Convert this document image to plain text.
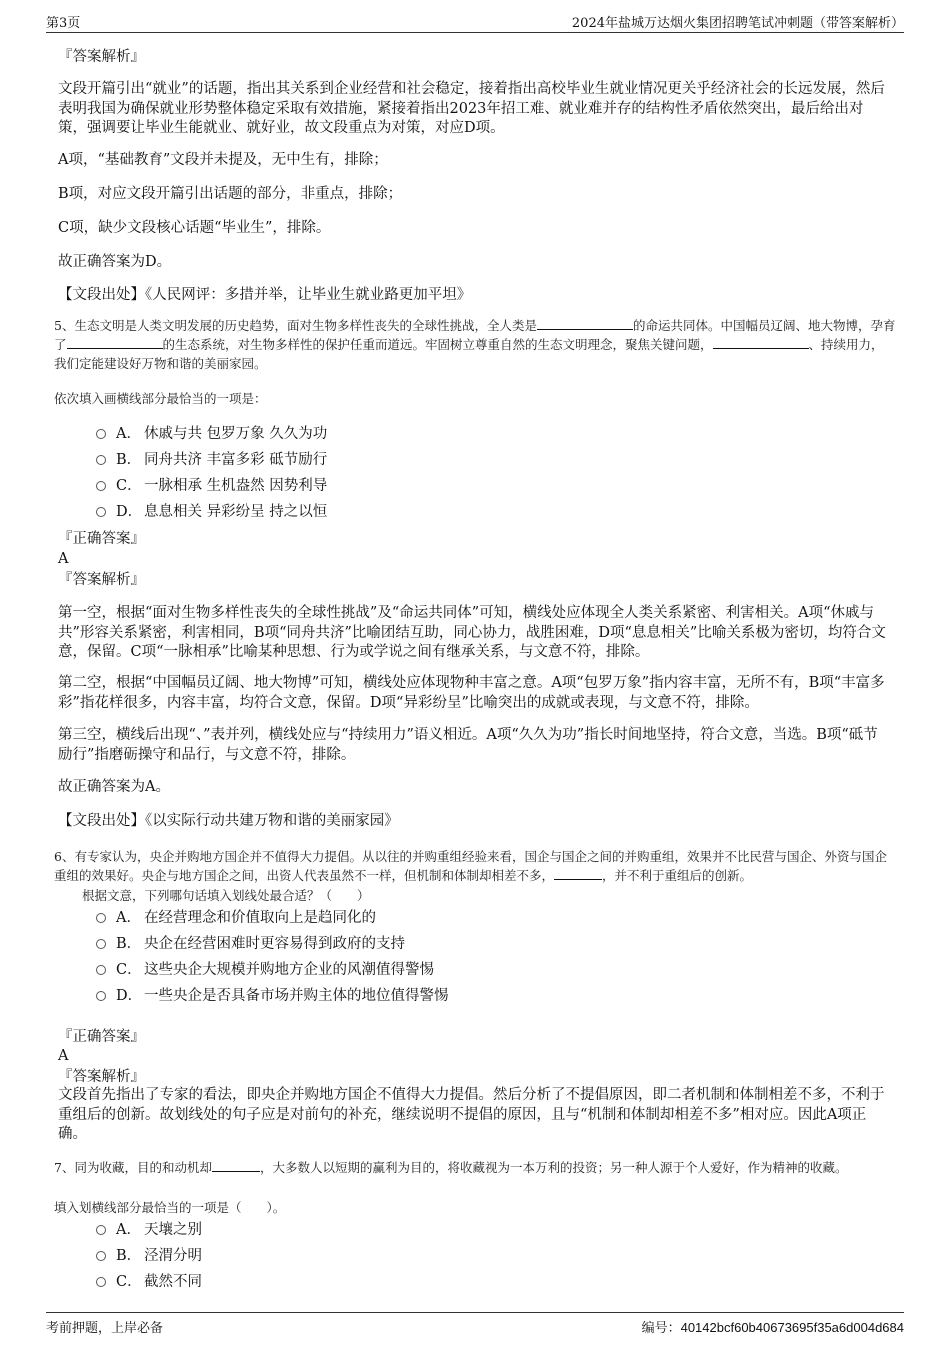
第3页	2024年盐城万达烟火集团招聘笔试冲刺题（带答案解析）
『答案解析』
文段开篇引出“就业”的话题，指出其关系到企业经营和社会稳定，接着指出高校毕业生就业情况更关乎经济社会的长远发展，然后表明我国为确保就业形势整体稳定采取有效措施，紧接着指出2023年招工难、就业难并存的结构性矛盾依然突出，最后给出对策，强调要让毕业生能就业、就好业，故文段重点为对策，对应D项。
A项，“基础教育”文段并未提及，无中生有，排除；
B项，对应文段开篇引出话题的部分，非重点，排除；
C项，缺少文段核心话题“毕业生”，排除。
故正确答案为D。
【文段出处】《人民网评：多措并举，让毕业生就业路更加平坦》
5、生态文明是人类文明发展的历史趋势，面对生物多样性丧失的全球性挑战，全人类是	的命运共同体。中国幅员辽阔、地大物博，孕育了	的生态系统，对生物多样性的保护任重而道远。牢固树立尊重自然的生态文明理念，聚焦关键问题，	、持续用力，我们定能建设好万物和谐的美丽家园。
依次填入画横线部分最恰当的一项是：
A． 休戚与共 包罗万象 久久为功
B． 同舟共济 丰富多彩 砥节励行
C． 一脉相承 生机盎然 因势利导
D． 息息相关 异彩纷呈 持之以恒
『正确答案』
A
『答案解析』
第一空，根据“面对生物多样性丧失的全球性挑战”及“命运共同体”可知，横线处应体现全人类关系紧密、利害相关。A项“休戚与共”形容关系紧密，利害相同，B项“同舟共济”比喻团结互助，同心协力，战胜困难，D项“息息相关”比喻关系极为密切，均符合文意，保留。C项“一脉相承”比喻某种思想、行为或学说之间有继承关系，与文意不符，排除。
第二空，根据“中国幅员辽阔、地大物博”可知，横线处应体现物种丰富之意。A项“包罗万象”指内容丰富，无所不有，B项“丰富多彩”指花样很多，内容丰富，均符合文意，保留。D项“异彩纷呈”比喻突出的成就或表现，与文意不符，排除。
第三空，横线后出现“、”表并列，横线处应与“持续用力”语义相近。A项“久久为功”指长时间地坚持，符合文意，当选。B项“砥节励行”指磨砺操守和品行，与文意不符，排除。
故正确答案为A。
【文段出处】《以实际行动共建万物和谐的美丽家园》
6、有专家认为，央企并购地方国企并不值得大力提倡。从以往的并购重组经验来看，国企与国企之间的并购重组，效果并不比民营与国企、外资与国企重组的效果好。央企与地方国企之间，出资人代表虽然不一样，但机制和体制却相差不多，	，并不利于重组后的创新。
根据文意，下列哪句话填入划线处最合适？（　　）
A． 在经营理念和价值取向上是趋同化的
B． 央企在经营困难时更容易得到政府的支持
C． 这些央企大规模并购地方企业的风潮值得警惕
D． 一些央企是否具备市场并购主体的地位值得警惕
『正确答案』
A
『答案解析』
文段首先指出了专家的看法，即央企并购地方国企不值得大力提倡。然后分析了不提倡原因，即二者机制和体制相差不多，不利于重组后的创新。故划线处的句子应是对前句的补充，继续说明不提倡的原因，且与“机制和体制却相差不多”相对应。因此A项正确。
7、同为收藏，目的和动机却	，大多数人以短期的赢利为目的，将收藏视为一本万利的投资；另一种人源于个人爱好，作为精神的收藏。
填入划横线部分最恰当的一项是（　　）。
A． 天壤之别
B． 泾渭分明
C． 截然不同
考前押题，上岸必备	编号：40142bcf60b40673695f35a6d004d684
